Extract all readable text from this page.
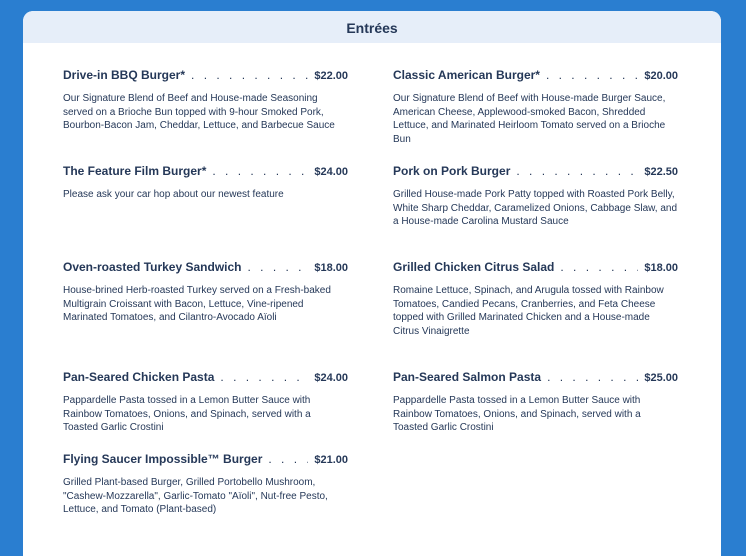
Entrées
Drive-in BBQ Burger* . . .	$22.00
Our Signature Blend of Beef and House-made Seasoning served on a Brioche Bun topped with 9-hour Smoked Pork, Bourbon-Bacon Jam, Cheddar, Lettuce, and Barbecue Sauce
Classic American Burger* . . .	$20.00
Our Signature Blend of Beef with House-made Burger Sauce, American Cheese, Applewood-smoked Bacon, Shredded Lettuce, and Marinated Heirloom Tomato served on a Brioche Bun
The Feature Film Burger* . . .	$24.00
Please ask your car hop about our newest feature
Pork on Pork Burger . . .	$22.50
Grilled House-made Pork Patty topped with Roasted Pork Belly, White Sharp Cheddar, Caramelized Onions, Cabbage Slaw, and a House-made Carolina Mustard Sauce
Oven-roasted Turkey Sandwich . . .	$18.00
House-brined Herb-roasted Turkey served on a Fresh-baked Multigrain Croissant with Bacon, Lettuce, Vine-ripened Marinated Tomatoes, and Cilantro-Avocado Aïoli
Grilled Chicken Citrus Salad . . .	$18.00
Romaine Lettuce, Spinach, and Arugula tossed with Rainbow Tomatoes, Candied Pecans, Cranberries, and Feta Cheese topped with Grilled Marinated Chicken and a House-made Citrus Vinaigrette
Pan-Seared Chicken Pasta . . .	$24.00
Pappardelle Pasta tossed in a Lemon Butter Sauce with Rainbow Tomatoes, Onions, and Spinach, served with a Toasted Garlic Crostini
Pan-Seared Salmon Pasta . . .	$25.00
Pappardelle Pasta tossed in a Lemon Butter Sauce with Rainbow Tomatoes, Onions, and Spinach, served with a Toasted Garlic Crostini
Flying Saucer Impossible™ Burger . . .	$21.00
Grilled Plant-based Burger, Grilled Portobello Mushroom, "Cashew-Mozzarella", Garlic-Tomato "Aïoli", Nut-free Pesto, Lettuce, and Tomato (Plant-based)
